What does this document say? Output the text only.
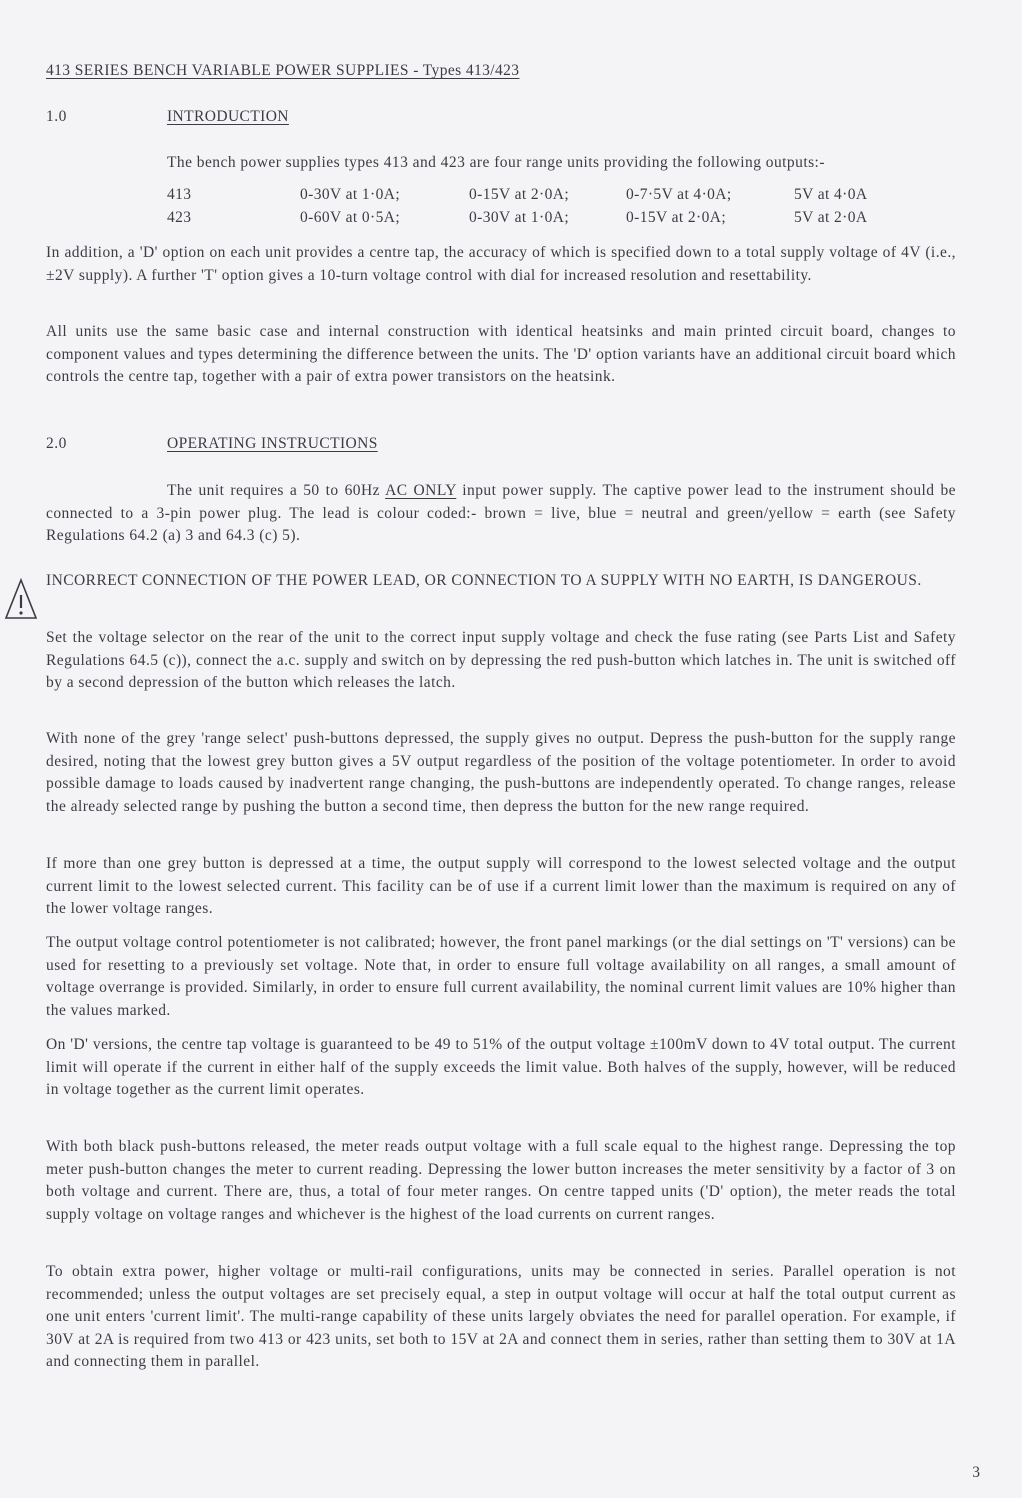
413 SERIES BENCH VARIABLE POWER SUPPLIES - Types 413/423
1.0	INTRODUCTION
The bench power supplies types 413 and 423 are four range units providing the following outputs:-
413	0-30V at 1·0A;	0-15V at 2·0A;	0-7·5V at 4·0A;	5V at 4·0A
423	0-60V at 0·5A;	0-30V at 1·0A;	0-15V at 2·0A;	5V at 2·0A
In addition, a 'D' option on each unit provides a centre tap, the accuracy of which is specified down to a total supply voltage of 4V (i.e., ±2V supply). A further 'T' option gives a 10-turn voltage control with dial for increased resolution and resettability.
All units use the same basic case and internal construction with identical heatsinks and main printed circuit board, changes to component values and types determining the difference between the units. The 'D' option variants have an additional circuit board which controls the centre tap, together with a pair of extra power transistors on the heatsink.
2.0	OPERATING INSTRUCTIONS
The unit requires a 50 to 60Hz AC ONLY input power supply. The captive power lead to the instrument should be connected to a 3-pin power plug. The lead is colour coded:- brown = live, blue = neutral and green/yellow = earth (see Safety Regulations 64.2 (a) 3 and 64.3 (c) 5).
INCORRECT CONNECTION OF THE POWER LEAD, OR CONNECTION TO A SUPPLY WITH NO EARTH, IS DANGEROUS.
Set the voltage selector on the rear of the unit to the correct input supply voltage and check the fuse rating (see Parts List and Safety Regulations 64.5 (c)), connect the a.c. supply and switch on by depressing the red push-button which latches in. The unit is switched off by a second depression of the button which releases the latch.
With none of the grey 'range select' push-buttons depressed, the supply gives no output. Depress the push-button for the supply range desired, noting that the lowest grey button gives a 5V output regardless of the position of the voltage potentiometer. In order to avoid possible damage to loads caused by inadvertent range changing, the push-buttons are independently operated. To change ranges, release the already selected range by pushing the button a second time, then depress the button for the new range required.
If more than one grey button is depressed at a time, the output supply will correspond to the lowest selected voltage and the output current limit to the lowest selected current. This facility can be of use if a current limit lower than the maximum is required on any of the lower voltage ranges.
The output voltage control potentiometer is not calibrated; however, the front panel markings (or the dial settings on 'T' versions) can be used for resetting to a previously set voltage. Note that, in order to ensure full voltage availability on all ranges, a small amount of voltage overrange is provided. Similarly, in order to ensure full current availability, the nominal current limit values are 10% higher than the values marked.
On 'D' versions, the centre tap voltage is guaranteed to be 49 to 51% of the output voltage ±100mV down to 4V total output. The current limit will operate if the current in either half of the supply exceeds the limit value. Both halves of the supply, however, will be reduced in voltage together as the current limit operates.
With both black push-buttons released, the meter reads output voltage with a full scale equal to the highest range. Depressing the top meter push-button changes the meter to current reading. Depressing the lower button increases the meter sensitivity by a factor of 3 on both voltage and current. There are, thus, a total of four meter ranges. On centre tapped units ('D' option), the meter reads the total supply voltage on voltage ranges and whichever is the highest of the load currents on current ranges.
To obtain extra power, higher voltage or multi-rail configurations, units may be connected in series. Parallel operation is not recommended; unless the output voltages are set precisely equal, a step in output voltage will occur at half the total output current as one unit enters 'current limit'. The multi-range capability of these units largely obviates the need for parallel operation. For example, if 30V at 2A is required from two 413 or 423 units, set both to 15V at 2A and connect them in series, rather than setting them to 30V at 1A and connecting them in parallel.
3
